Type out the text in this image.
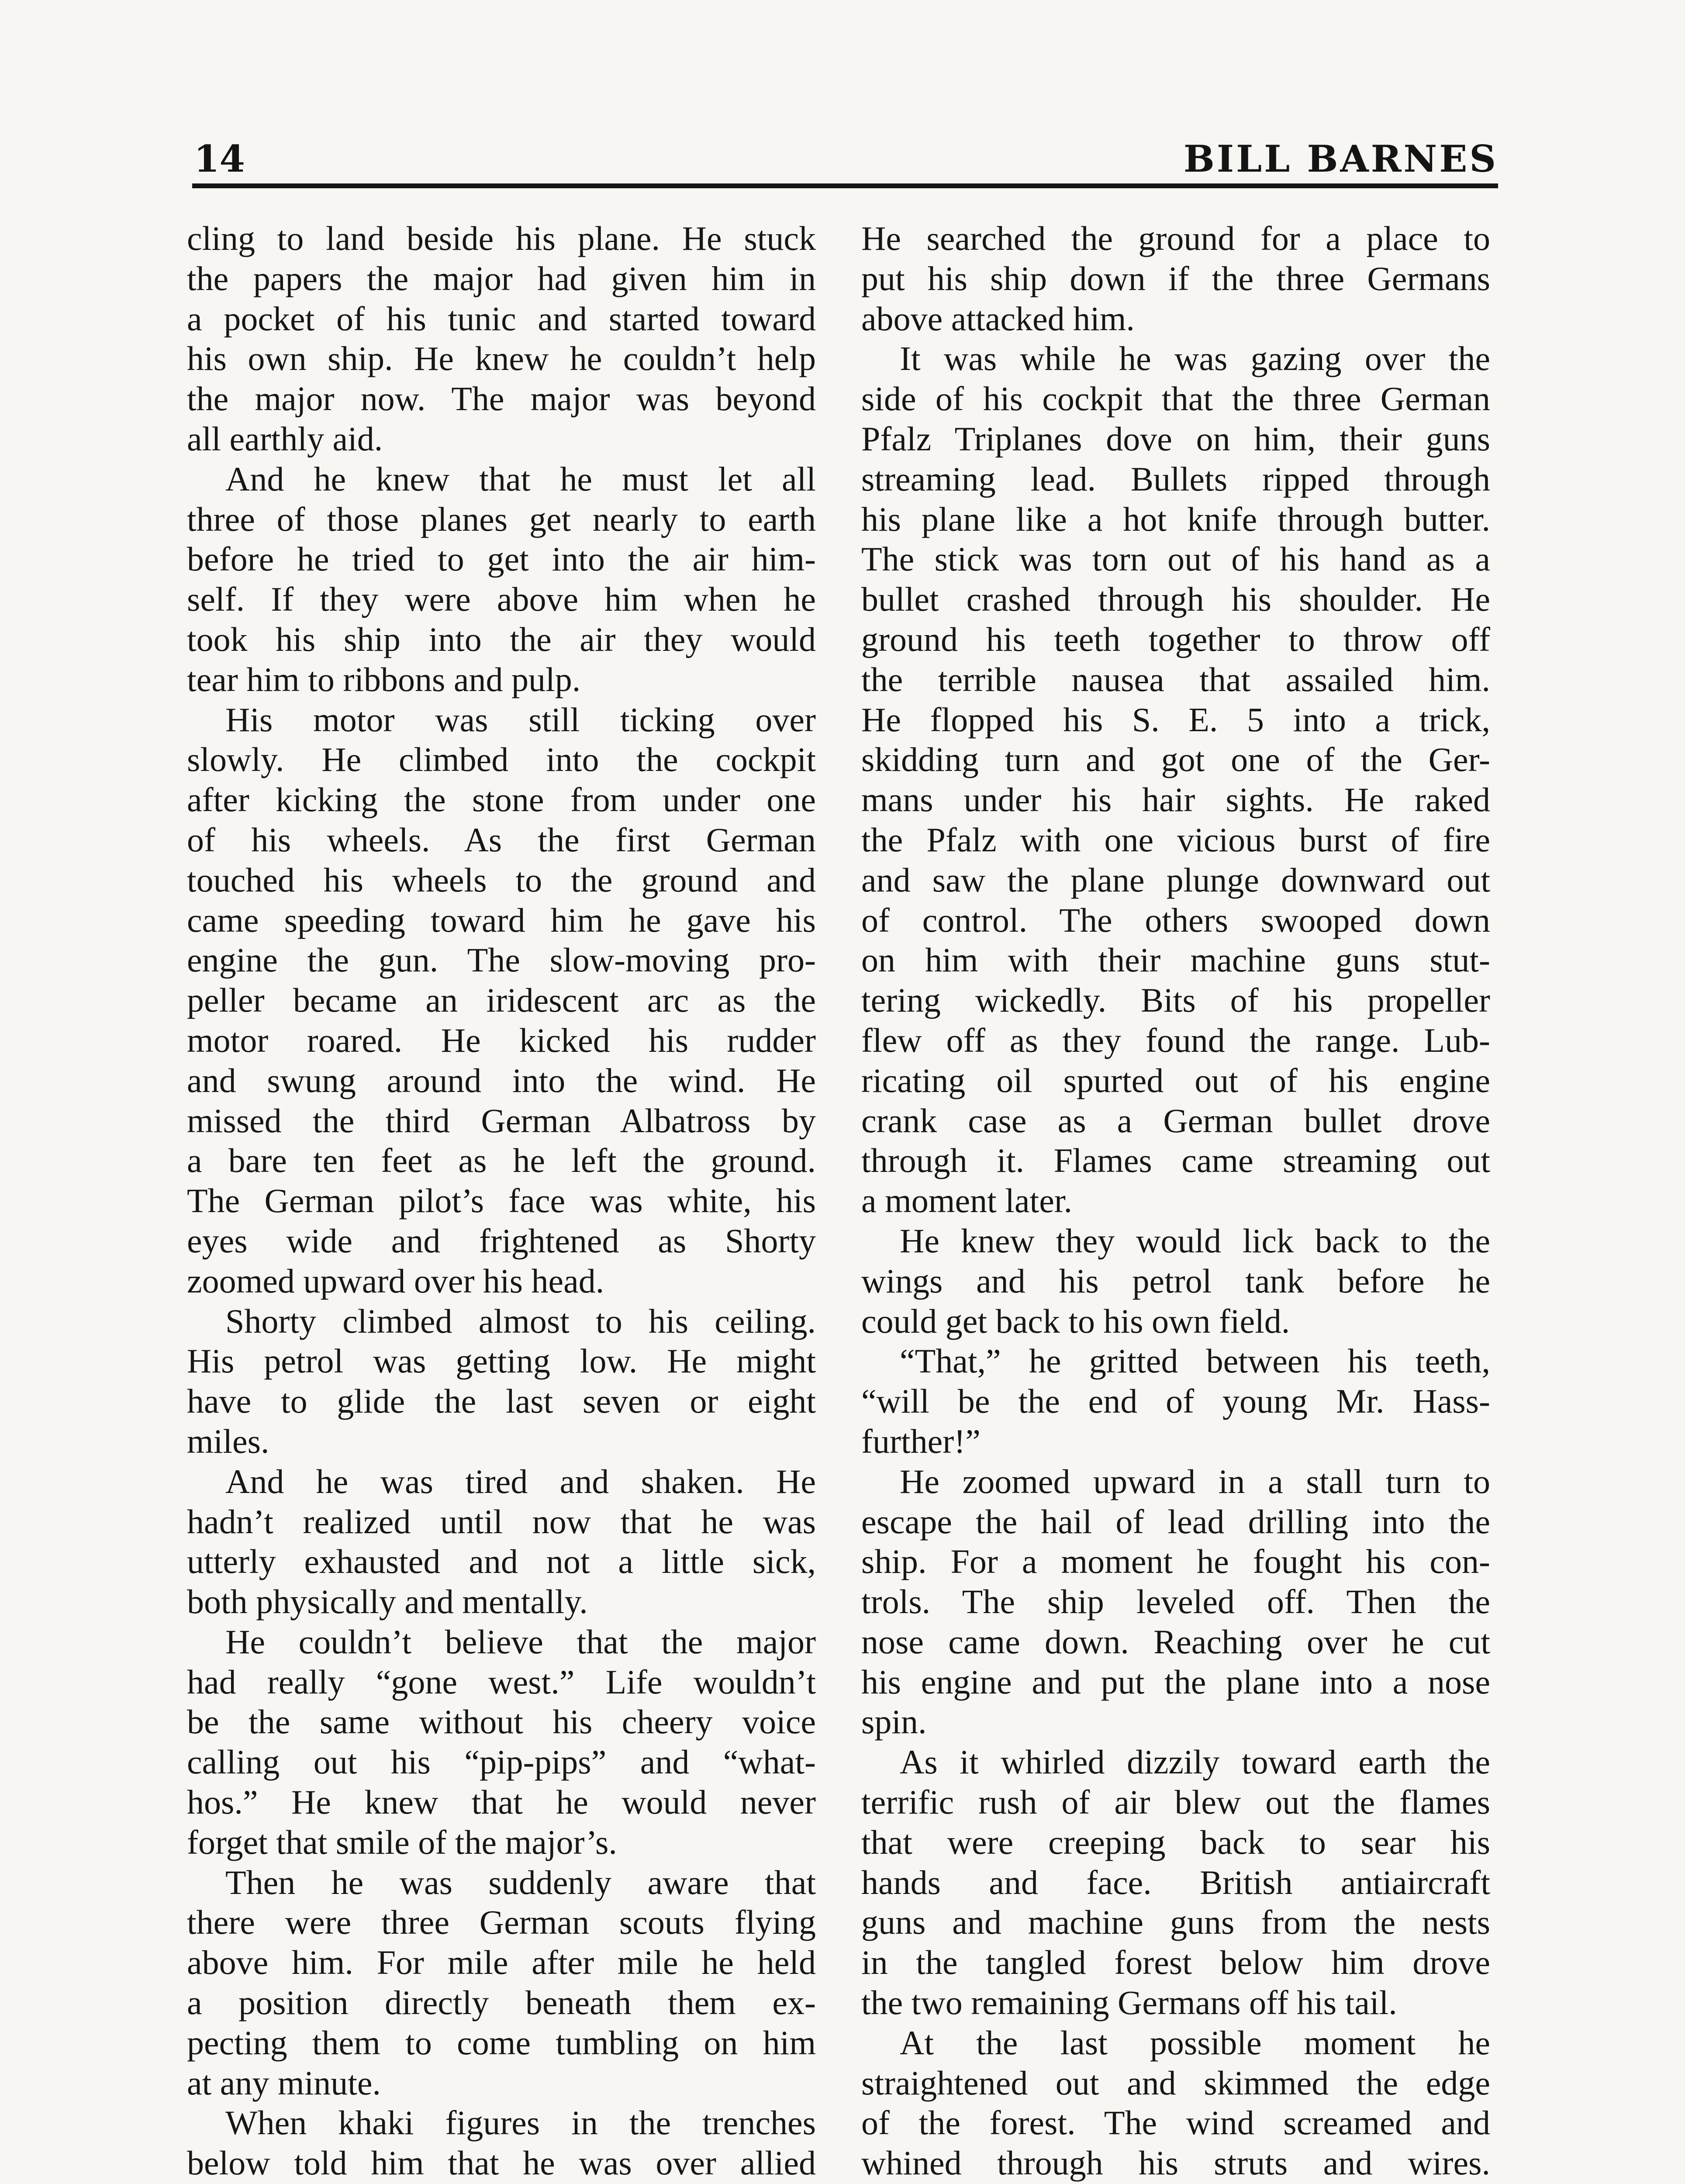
14	BILL BARNES

cling to land beside his plane. He stuck

the papers the major had given him in

a pocket of his tunic and started toward

his own ship. He knew he couldn’t help

the major now. The major was beyond

all earthly aid.

And he knew that he must let all

three of those planes get nearly to earth

before he tried to get into the air him-

self. If they were above him when he

took his ship into the air they would

tear him to ribbons and pulp.

His motor was still ticking over

slowly. He climbed into the cockpit

after kicking the stone from under one

of his wheels. As the first German

touched his wheels to the ground and

came speeding toward him he gave his

engine the gun. The slow-moving pro-

peller became an iridescent arc as the

motor roared. He kicked his rudder

and swung around into the wind. He

missed the third German Albatross by

a bare ten feet as he left the ground.

The German pilot’s face was white, his

eyes wide and frightened as Shorty

zoomed upward over his head.

Shorty climbed almost to his ceiling.

His petrol was getting low. He might

have to glide the last seven or eight

miles.

And he was tired and shaken. He

hadn’t realized until now that he was

utterly exhausted and not a little sick,

both physically and mentally.

He couldn’t believe that the major

had really “gone west.” Life wouldn’t

be the same without his cheery voice

calling out his “pip-pips” and “what-

hos.” He knew that he would never

forget that smile of the major’s.

Then he was suddenly aware that

there were three German scouts flying

above him. For mile after mile he held

a position directly beneath them ex-

pecting them to come tumbling on him

at any minute.

When khaki figures in the trenches

below told him that he was over allied

He searched the ground for a place to

put his ship down if the three Germans

above attacked him.

It was while he was gazing over the

side of his cockpit that the three German

Pfalz Triplanes dove on him, their guns

streaming lead. Bullets ripped through

his plane like a hot knife through butter.

The stick was torn out of his hand as a

bullet crashed through his shoulder. He

ground his teeth together to throw off

the terrible nausea that assailed him.

He flopped his S. E. 5 into a trick,

skidding turn and got one of the Ger-

mans under his hair sights. He raked

the Pfalz with one vicious burst of fire

and saw the plane plunge downward out

of control. The others swooped down

on him with their machine guns stut-

tering wickedly. Bits of his propeller

flew off as they found the range. Lub-

ricating oil spurted out of his engine

crank case as a German bullet drove

through it. Flames came streaming out

a moment later.

He knew they would lick back to the

wings and his petrol tank before he

could get back to his own field.

“That,” he gritted between his teeth,

“will be the end of young Mr. Hass-

further!”

He zoomed upward in a stall turn to

escape the hail of lead drilling into the

ship. For a moment he fought his con-

trols. The ship leveled off. Then the

nose came down. Reaching over he cut

his engine and put the plane into a nose

spin.

As it whirled dizzily toward earth the

terrific rush of air blew out the flames

that were creeping back to sear his

hands and face. British antiaircraft

guns and machine guns from the nests

in the tangled forest below him drove

the two remaining Germans off his tail.

At the last possible moment he

straightened out and skimmed the edge

of the forest. The wind screamed and

whined through his struts and wires.
